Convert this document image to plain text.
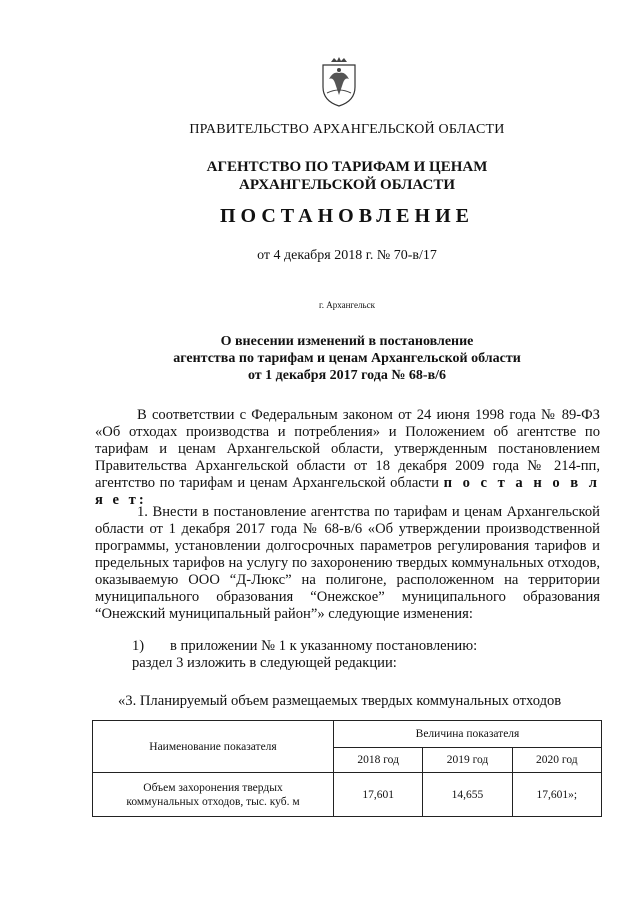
ПРАВИТЕЛЬСТВО АРХАНГЕЛЬСКОЙ ОБЛАСТИ
АГЕНТСТВО ПО ТАРИФАМ И ЦЕНАМ
АРХАНГЕЛЬСКОЙ ОБЛАСТИ
ПОСТАНОВЛЕНИЕ
от 4 декабря 2018 г. № 70-в/17
г. Архангельск
О внесении изменений в постановление
агентства по тарифам и ценам Архангельской области
от 1 декабря 2017 года № 68-в/6

В соответствии с Федеральным законом от 24 июня 1998 года № 89-ФЗ «Об отходах производства и потребления» и Положением об агентстве по тарифам и ценам Архангельской области, утвержденным постановлением Правительства Архангельской области от 18 декабря 2009 года № 214-пп, агентство по тарифам и ценам Архангельской области п о с т а н о в л я е т:

1. Внести в постановление агентства по тарифам и ценам Архангельской области от 1 декабря 2017 года № 68-в/6 «Об утверждении производственной программы, установлении долгосрочных параметров регулирования тарифов и предельных тарифов на услугу по захоронению твердых коммунальных отходов, оказываемую ООО “Д-Люкс” на полигоне, расположенном на территории муниципального образования “Онежское” муниципального образования “Онежский муниципальный район”» следующие изменения:

1) в приложении № 1 к указанному постановлению:
раздел 3 изложить в следующей редакции:
«3. Планируемый объем размещаемых твердых коммунальных отходов
Наименование показателя	Величина показателя		
	2018 год	2019 год	2020 год

Объем захоронения твердых
коммунальных отходов, тыс. куб. м	17,601	14,655	17,601»;
